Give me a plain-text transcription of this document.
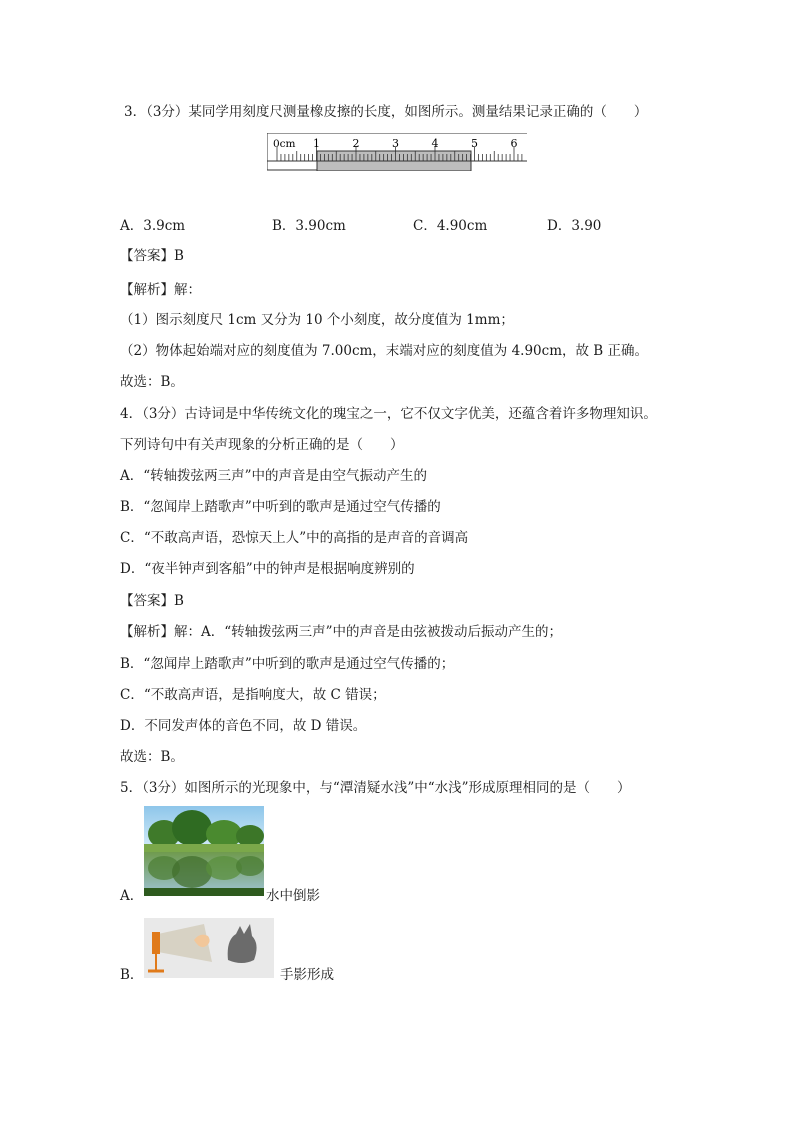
3．（3分）某同学用刻度尺测量橡皮擦的长度，如图所示。测量结果记录正确的（　　）
0cm 1	2	3	4	5	6
A．3.9cm	B．3.90cm	C．4.90cm	D．3.90
【答案】B
【解析】解：
（1）图示刻度尺 1cm 又分为 10 个小刻度，故分度值为 1mm；
（2）物体起始端对应的刻度值为 7.00cm，末端对应的刻度值为 4.90cm，故 B 正确。
故选：B。
4．（3分）古诗词是中华传统文化的瑰宝之一，它不仅文字优美，还蕴含着许多物理知识。
下列诗句中有关声现象的分析正确的是（　　）
A．“转轴拨弦两三声”中的声音是由空气振动产生的
B．“忽闻岸上踏歌声”中听到的歌声是通过空气传播的
C．“不敢高声语，恐惊天上人”中的高指的是声音的音调高
D．“夜半钟声到客船”中的钟声是根据响度辨别的
【答案】B
【解析】解：A．“转轴拨弦两三声”中的声音是由弦被拨动后振动产生的；
B．“忽闻岸上踏歌声”中听到的歌声是通过空气传播的；
C．“不敢高声语，是指响度大，故 C 错误；
D．不同发声体的音色不同，故 D 错误。
故选：B。
5．（3分）如图所示的光现象中，与“潭清疑水浅”中“水浅”形成原理相同的是（　　）
A．	水中倒影
B．	手影形成
